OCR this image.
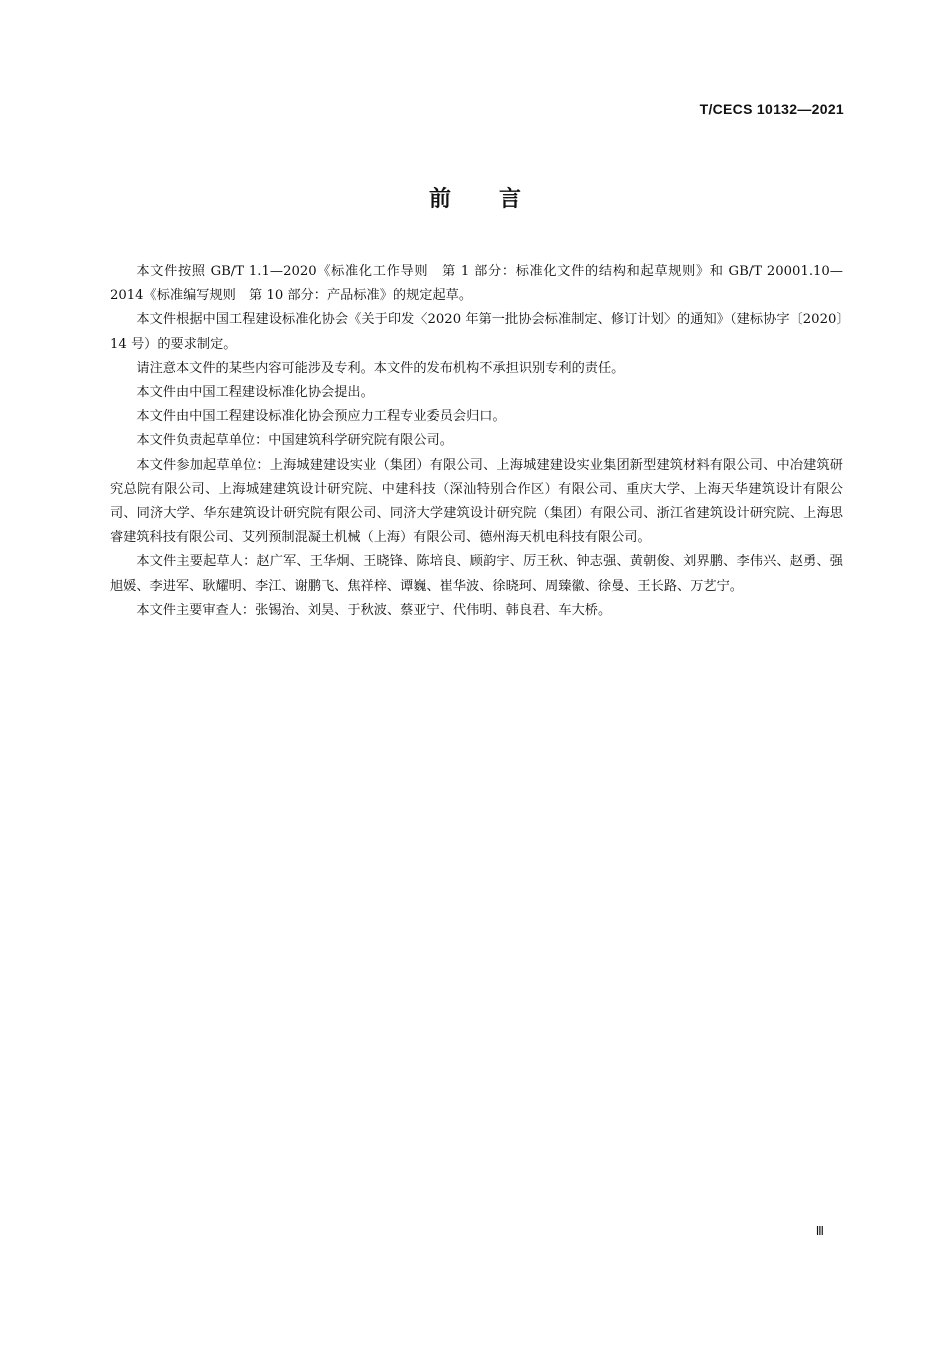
T/CECS 10132—2021
前言

本文件按照 GB/T 1.1—2020《标准化工作导则　第 1 部分：标准化文件的结构和起草规则》和 GB/T 20001.10—2014《标准编写规则　第 10 部分：产品标准》的规定起草。

本文件根据中国工程建设标准化协会《关于印发〈2020 年第一批协会标准制定、修订计划〉的通知》（建标协字〔2020〕14 号）的要求制定。

请注意本文件的某些内容可能涉及专利。本文件的发布机构不承担识别专利的责任。

本文件由中国工程建设标准化协会提出。

本文件由中国工程建设标准化协会预应力工程专业委员会归口。

本文件负责起草单位：中国建筑科学研究院有限公司。

本文件参加起草单位：上海城建建设实业（集团）有限公司、上海城建建设实业集团新型建筑材料有限公司、中冶建筑研究总院有限公司、上海城建建筑设计研究院、中建科技（深汕特别合作区）有限公司、重庆大学、上海天华建筑设计有限公司、同济大学、华东建筑设计研究院有限公司、同济大学建筑设计研究院（集团）有限公司、浙江省建筑设计研究院、上海思睿建筑科技有限公司、艾列预制混凝土机械（上海）有限公司、德州海天机电科技有限公司。

本文件主要起草人：赵广军、王华炯、王晓锋、陈培良、顾韵宇、厉王秋、钟志强、黄朝俊、刘界鹏、李伟兴、赵勇、强旭媛、李进军、耿耀明、李江、谢鹏飞、焦祥梓、谭巍、崔华波、徐晓珂、周臻徽、徐曼、王长路、万艺宁。

本文件主要审查人：张锡治、刘昊、于秋波、蔡亚宁、代伟明、韩良君、车大桥。

Ⅲ
